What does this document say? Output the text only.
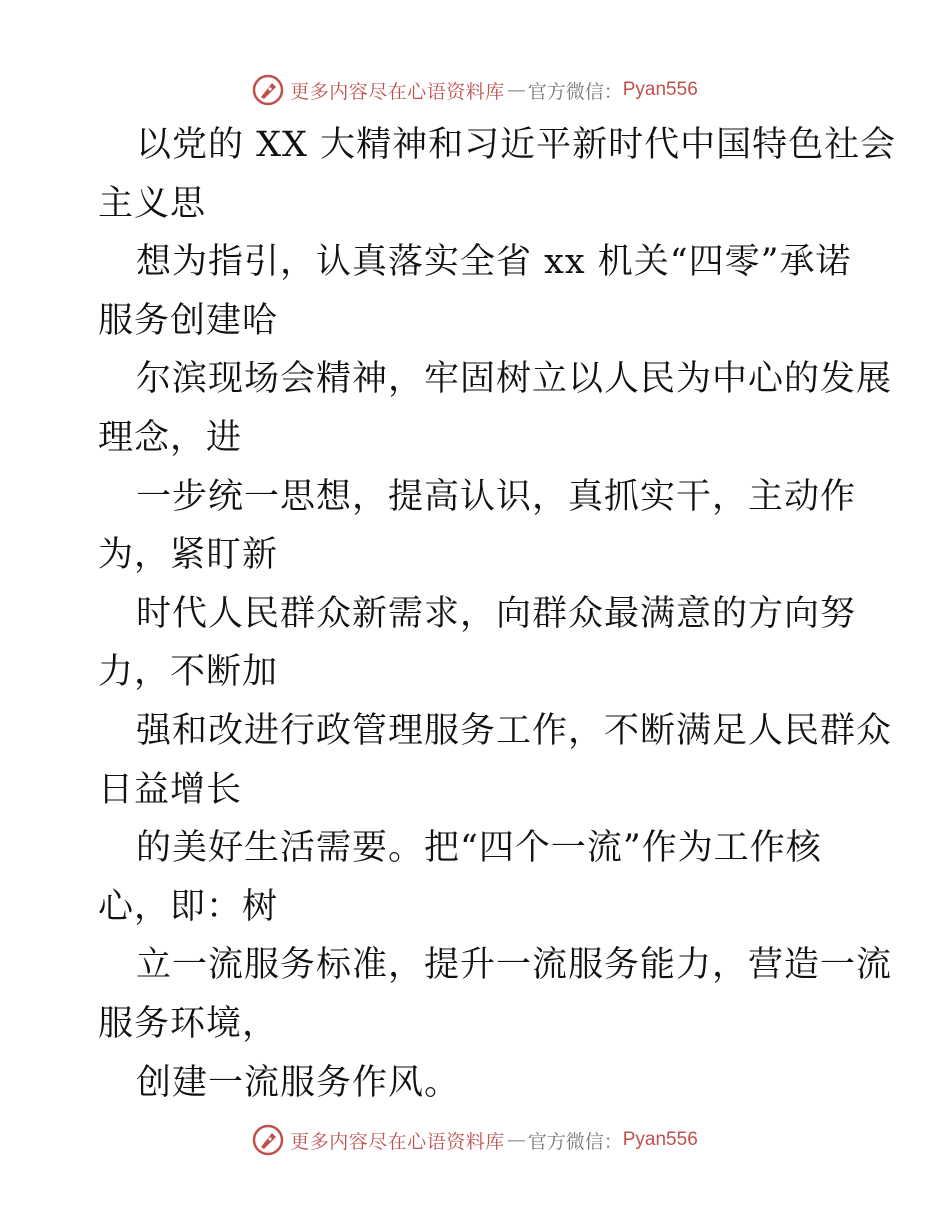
更多内容尽在心语资料库 — 官方微信： Pyan556
以党的 XX 大精神和习近平新时代中国特色社会
主义思
想为指引，认真落实全省 xx 机关“四零”承诺
服务创建哈
尔滨现场会精神，牢固树立以人民为中心的发展
理念，进
一步统一思想，提高认识，真抓实干，主动作
为，紧盯新
时代人民群众新需求，向群众最满意的方向努
力，不断加
强和改进行政管理服务工作，不断满足人民群众
日益增长
的美好生活需要。把“四个一流”作为工作核
心，即：树
立一流服务标准，提升一流服务能力，营造一流
服务环境，
创建一流服务作风。
更多内容尽在心语资料库 — 官方微信： Pyan556
